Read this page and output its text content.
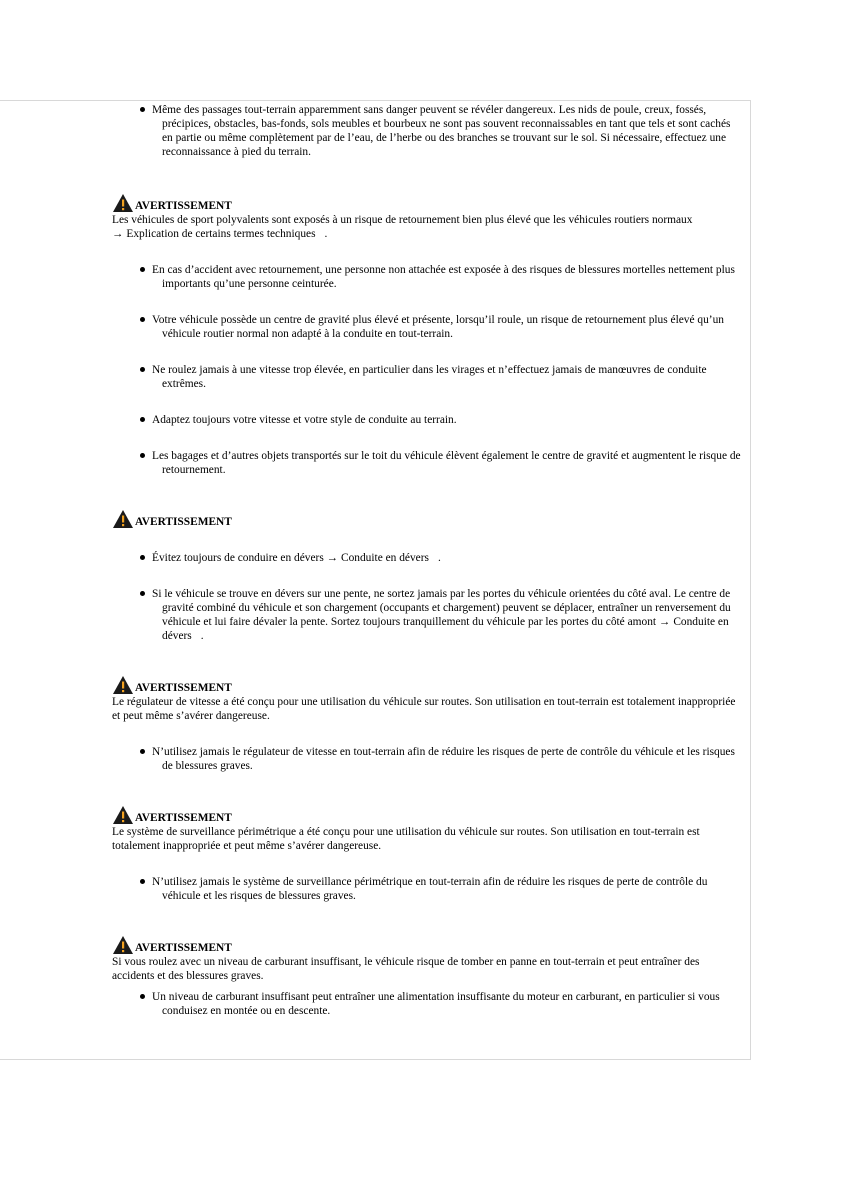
Même des passages tout-terrain apparemment sans danger peuvent se révéler dangereux. Les nids de poule, creux, fossés, précipices, obstacles, bas-fonds, sols meubles et bourbeux ne sont pas souvent reconnaissables en tant que tels et sont cachés en partie ou même complètement par de l’eau, de l’herbe ou des branches se trouvant sur le sol. Si nécessaire, effectuez une reconnaissance à pied du terrain.
AVERTISSEMENT

Les véhicules de sport polyvalents sont exposés à un risque de retournement bien plus élevé que les véhicules routiers normaux
→ Explication de certains termes techniques .

En cas d’accident avec retournement, une personne non attachée est exposée à des risques de blessures mortelles nettement plus importants qu’une personne ceinturée.
Votre véhicule possède un centre de gravité plus élevé et présente, lorsqu’il roule, un risque de retournement plus élevé qu’un véhicule routier normal non adapté à la conduite en tout-terrain.
Ne roulez jamais à une vitesse trop élevée, en particulier dans les virages et n’effectuez jamais de manœuvres de conduite extrêmes.
Adaptez toujours votre vitesse et votre style de conduite au terrain.
Les bagages et d’autres objets transportés sur le toit du véhicule élèvent également le centre de gravité et augmentent le risque de retournement.
AVERTISSEMENT
Évitez toujours de conduire en dévers → Conduite en dévers .
Si le véhicule se trouve en dévers sur une pente, ne sortez jamais par les portes du véhicule orientées du côté aval. Le centre de gravité combiné du véhicule et son chargement (occupants et chargement) peuvent se déplacer, entraîner un renversement du véhicule et lui faire dévaler la pente. Sortez toujours tranquillement du véhicule par les portes du côté amont → Conduite en dévers .
AVERTISSEMENT

Le régulateur de vitesse a été conçu pour une utilisation du véhicule sur routes. Son utilisation en tout-terrain est totalement inappropriée et peut même s’avérer dangereuse.

N’utilisez jamais le régulateur de vitesse en tout-terrain afin de réduire les risques de perte de contrôle du véhicule et les risques de blessures graves.
AVERTISSEMENT

Le système de surveillance périmétrique a été conçu pour une utilisation du véhicule sur routes. Son utilisation en tout-terrain est totalement inappropriée et peut même s’avérer dangereuse.

N’utilisez jamais le système de surveillance périmétrique en tout-terrain afin de réduire les risques de perte de contrôle du véhicule et les risques de blessures graves.
AVERTISSEMENT

Si vous roulez avec un niveau de carburant insuffisant, le véhicule risque de tomber en panne en tout-terrain et peut entraîner des accidents et des blessures graves.

Un niveau de carburant insuffisant peut entraîner une alimentation insuffisante du moteur en carburant, en particulier si vous conduisez en montée ou en descente.
